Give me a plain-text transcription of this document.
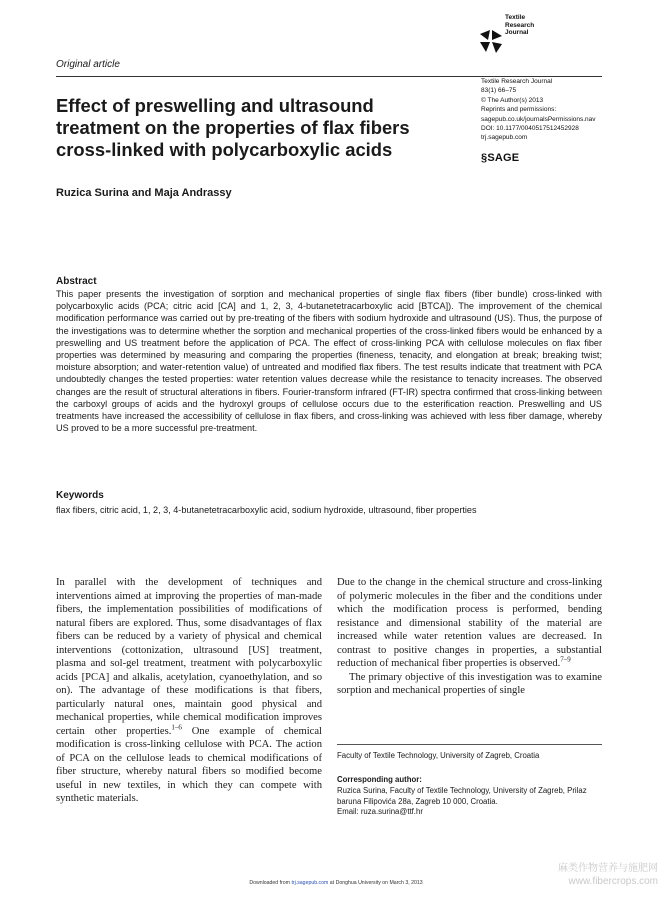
Original article
Textile
Research
Journal
Textile Research Journal
83(1) 66–75
© The Author(s) 2013
Reprints and permissions:
sagepub.co.uk/journalsPermissions.nav
DOI: 10.1177/0040517512452928
trj.sagepub.com
§SAGE
Effect of preswelling and ultrasound
treatment on the properties of flax fibers
cross-linked with polycarboxylic acids
Ruzica Surina and Maja Andrassy
Abstract
This paper presents the investigation of sorption and mechanical properties of single flax fibers (fiber bundle) cross-linked with polycarboxylic acids (PCA; citric acid [CA] and 1, 2, 3, 4-butanetetracarboxylic acid [BTCA]). The improvement of the chemical modification performance was carried out by pre-treating of the fibers with sodium hydroxide and ultrasound (US). Thus, the purpose of the investigations was to determine whether the sorption and mechanical properties of the cross-linked fibers would be enhanced by a preswelling and US treatment before the application of PCA. The effect of cross-linking PCA with cellulose molecules on flax fiber properties was determined by measuring and comparing the properties (fineness, tenacity, and elongation at break; breaking twist; moisture absorption; and water-retention value) of untreated and modified flax fibers. The test results indicate that treatment with PCA undoubtedly changes the tested properties: water retention values decrease while the resistance to tenacity increases. The observed changes are the result of structural alterations in fibers. Fourier-transform infrared (FT-IR) spectra confirmed that cross-linking between the carboxyl groups of acids and the hydroxyl groups of cellulose occurs due to the esterification reaction. Preswelling and US treatments have increased the accessibility of cellulose in flax fibers, and cross-linking was achieved with less fiber damage, whereby US proved to be a more successful pre-treatment.
Keywords
flax fibers, citric acid, 1, 2, 3, 4-butanetetracarboxylic acid, sodium hydroxide, ultrasound, fiber properties

In parallel with the development of techniques and interventions aimed at improving the properties of man-made fibers, the implementation possibilities of modifications of natural fibers are explored. Thus, some disadvantages of flax fibers can be reduced by a variety of physical and chemical interventions (cottonization, ultrasound [US] treatment, plasma and sol-gel treatment, treatment with polycarboxylic acids [PCA] and alkalis, acetylation, cyanoethylation, and so on). The advantage of these modifications is that fibers, particularly natural ones, maintain good physical and mechanical properties, while chemical modification improves certain other properties.$^{1-6}$ One example of chemical modification is cross-linking cellulose with PCA. The action of PCA on the cellulose leads to chemical modifications of fiber structure, whereby natural fibers so modified become useful in new textiles, in which they can compete with synthetic materials.

Due to the change in the chemical structure and cross-linking of polymeric molecules in the fiber and the conditions under which the modification process is performed, bending resistance and dimensional stability of the material are increased while water retention values are decreased. In contrast to positive changes in properties, a substantial reduction of mechanical fiber properties is observed.$^{7-9}$

The primary objective of this investigation was to examine sorption and mechanical properties of single

Faculty of Textile Technology, University of Zagreb, Croatia
Corresponding author:
Ruzica Surina, Faculty of Textile Technology, University of Zagreb, Prilaz baruna Filipovića 28a, Zagreb 10 000, Croatia.
Email: ruza.surina@ttf.hr
Downloaded from trj.sagepub.com at Donghua University on March 3, 2013
麻类作物营养与施肥网
www.fibercrops.com
